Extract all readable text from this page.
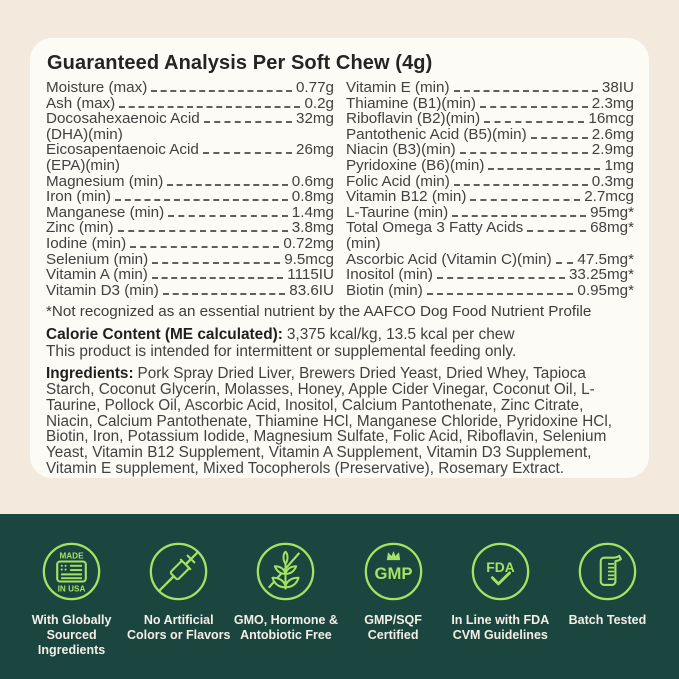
Guaranteed Analysis Per Soft Chew (4g)
Moisture (max)	0.77g
Ash (max)	0.2g
Docosahexaenoic Acid	32mg
(DHA)(min)
Eicosapentaenoic Acid	26mg
(EPA)(min)
Magnesium (min)	0.6mg
Iron (min)	0.8mg
Manganese (min)	1.4mg
Zinc (min)	3.8mg
Iodine (min)	0.72mg
Selenium (min)	9.5mcg
Vitamin A (min)	1115IU
Vitamin D3 (min)	83.6IU
Vitamin E (min)	38IU
Thiamine (B1)(min)	2.3mg
Riboflavin (B2)(min)	16mcg
Pantothenic Acid (B5)(min)	2.6mg
Niacin (B3)(min)	2.9mg
Pyridoxine (B6)(min)	1mg
Folic Acid (min)	0.3mg
Vitamin B12 (min)	2.7mcg
L-Taurine (min)	95mg*
Total Omega 3 Fatty Acids	68mg*
(min)
Ascorbic Acid (Vitamin C)(min) 47.5mg*
Inositol (min)	33.25mg*
Biotin (min)	0.95mg*
*Not recognized as an essential nutrient by the AAFCO Dog Food Nutrient Profile
Calorie Content (ME calculated): 3,375 kcal/kg, 13.5 kcal per chew
This product is intended for intermittent or supplemental feeding only.
Ingredients: Pork Spray Dried Liver, Brewers Dried Yeast, Dried Whey, Tapioca Starch, Coconut Glycerin, Molasses, Honey, Apple Cider Vinegar, Coconut Oil, L-Taurine, Pollock Oil, Ascorbic Acid, Inositol, Calcium Pantothenate, Zinc Citrate, Niacin, Calcium Pantothenate, Thiamine HCl, Manganese Chloride, Pyridoxine HCl, Biotin, Iron, Potassium Iodide, Magnesium Sulfate, Folic Acid, Riboflavin, Selenium Yeast, Vitamin B12 Supplement, Vitamin A Supplement, Vitamin D3 Supplement, Vitamin E supplement, Mixed Tocopherols (Preservative), Rosemary Extract.
MADE
IN USA
With Globally Sourced Ingredients
No Artificial Colors or Flavors
GMO, Hormone & Antobiotic Free
GMP
GMP/SQF Certified
FDA
In Line with FDA CVM Guidelines
Batch Tested
